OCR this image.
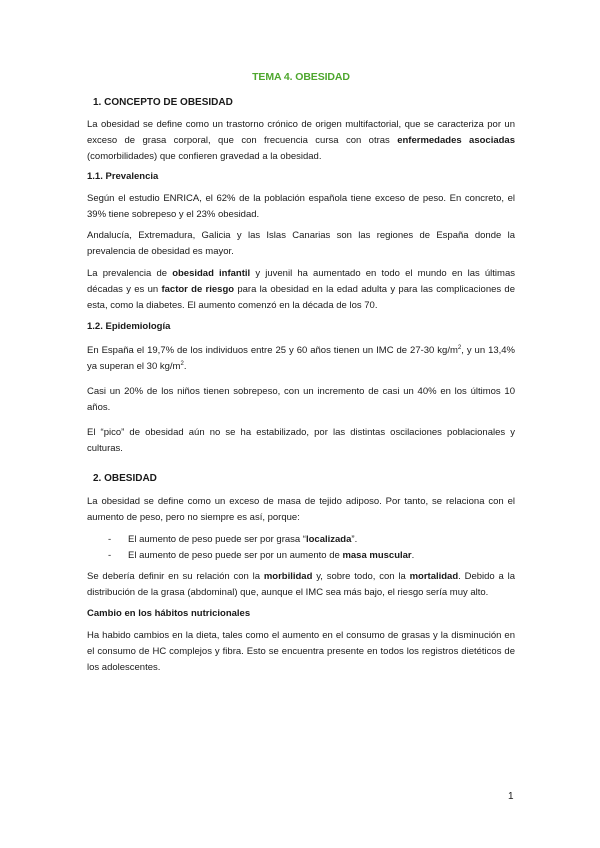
TEMA 4. OBESIDAD
1. CONCEPTO DE OBESIDAD

La obesidad se define como un trastorno crónico de origen multifactorial, que se caracteriza por un exceso de grasa corporal, que con frecuencia cursa con otras enfermedades asociadas (comorbilidades) que confieren gravedad a la obesidad.

1.1. Prevalencia

Según el estudio ENRICA, el 62% de la población española tiene exceso de peso. En concreto, el 39% tiene sobrepeso y el 23% obesidad.

Andalucía, Extremadura, Galicia y las Islas Canarias son las regiones de España donde la prevalencia de obesidad es mayor.

La prevalencia de obesidad infantil y juvenil ha aumentado en todo el mundo en las últimas décadas y es un factor de riesgo para la obesidad en la edad adulta y para las complicaciones de esta, como la diabetes. El aumento comenzó en la década de los 70.

1.2. Epidemiología

En España el 19,7% de los individuos entre 25 y 60 años tienen un IMC de 27-30 $kg/m^2$, y un 13,4% ya superan el 30 $kg/m^2$.

Casi un 20% de los niños tienen sobrepeso, con un incremento de casi un 40% en los últimos 10 años.

El “pico” de obesidad aún no se ha estabilizado, por las distintas oscilaciones poblacionales y culturas.

2. OBESIDAD

La obesidad se define como un exceso de masa de tejido adiposo. Por tanto, se relaciona con el aumento de peso, pero no siempre es así, porque:

- El aumento de peso puede ser por grasa “localizada”.
- El aumento de peso puede ser por un aumento de masa muscular.

Se debería definir en su relación con la morbilidad y, sobre todo, con la mortalidad. Debido a la distribución de la grasa (abdominal) que, aunque el IMC sea más bajo, el riesgo sería muy alto.

Cambio en los hábitos nutricionales

Ha habido cambios en la dieta, tales como el aumento en el consumo de grasas y la disminución en el consumo de HC complejos y fibra. Esto se encuentra presente en todos los registros dietéticos de los adolescentes.

1
